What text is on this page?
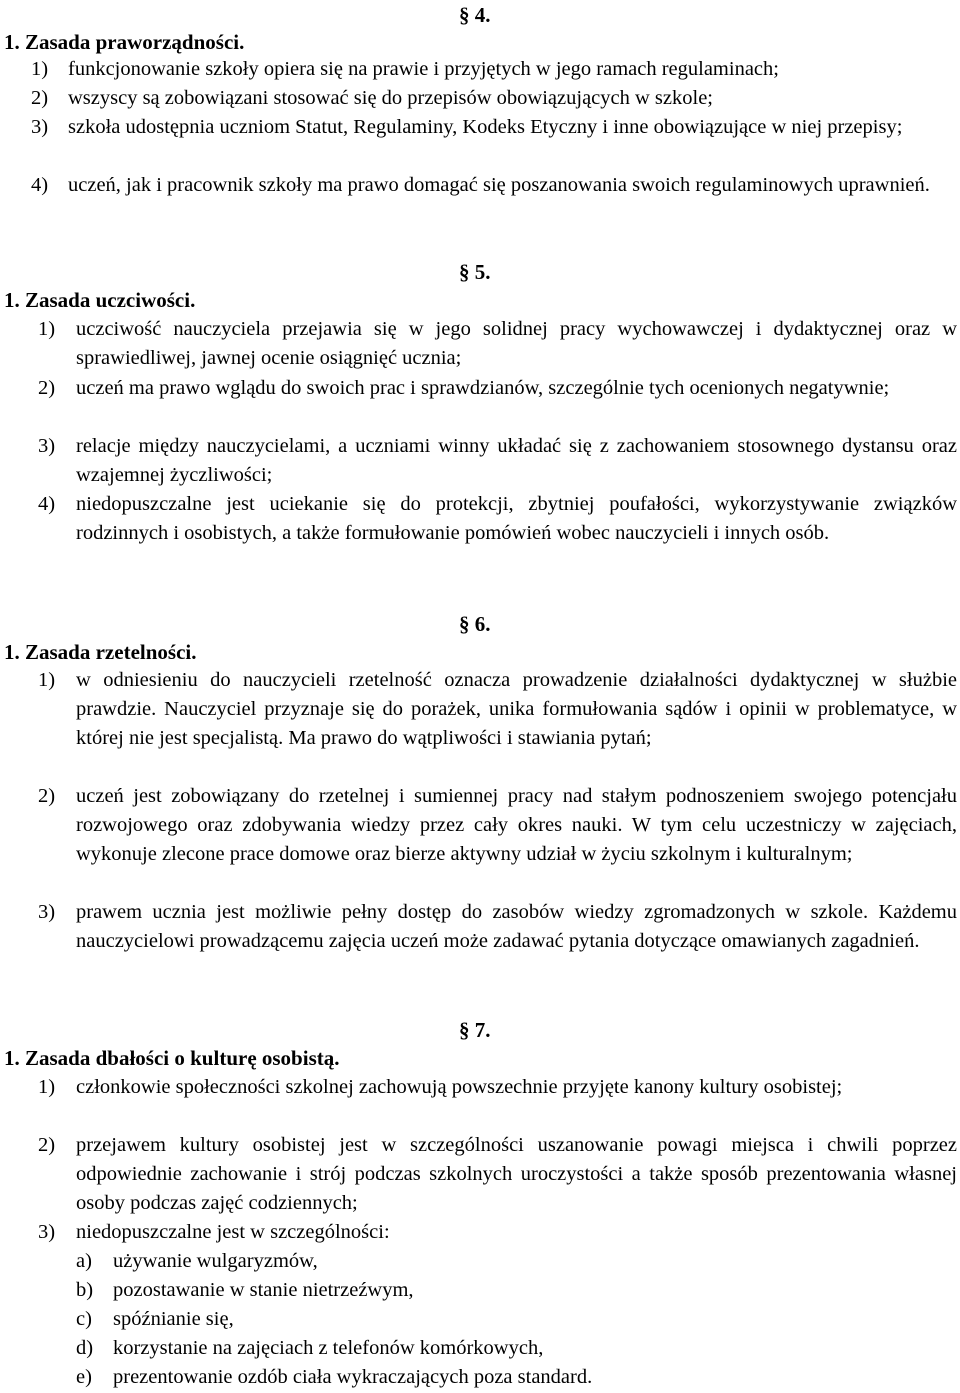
§ 4.
1. Zasada praworządności.
1) funkcjonowanie szkoły opiera się na prawie i przyjętych w jego ramach regulaminach;
2) wszyscy są zobowiązani stosować się do przepisów obowiązujących w szkole;
3) szkoła udostępnia uczniom Statut, Regulaminy, Kodeks Etyczny i inne obowiązujące w niej przepisy;
4) uczeń, jak i pracownik szkoły ma prawo domagać się poszanowania swoich regulaminowych uprawnień.
§ 5.
1. Zasada uczciwości.
1) uczciwość nauczyciela przejawia się w jego solidnej pracy wychowawczej i dydaktycznej oraz w sprawiedliwej, jawnej ocenie osiągnięć ucznia;
2) uczeń ma prawo wglądu do swoich prac i sprawdzianów, szczególnie tych ocenionych negatywnie;
3) relacje między nauczycielami, a uczniami winny układać się z zachowaniem stosownego dystansu oraz wzajemnej życzliwości;
4) niedopuszczalne jest uciekanie się do protekcji, zbytniej poufałości, wykorzystywanie związków rodzinnych i osobistych, a także formułowanie pomówień wobec nauczycieli i innych osób.
§ 6.
1. Zasada rzetelności.
1) w odniesieniu do nauczycieli rzetelność oznacza prowadzenie działalności dydaktycznej w służbie prawdzie. Nauczyciel przyznaje się do porażek, unika formułowania sądów i opinii w problematyce, w której nie jest specjalistą. Ma prawo do wątpliwości i stawiania pytań;
2) uczeń jest zobowiązany do rzetelnej i sumiennej pracy nad stałym podnoszeniem swojego potencjału rozwojowego oraz zdobywania wiedzy przez cały okres nauki. W tym celu uczestniczy w zajęciach, wykonuje zlecone prace domowe oraz bierze aktywny udział w życiu szkolnym i kulturalnym;
3) prawem ucznia jest możliwie pełny dostęp do zasobów wiedzy zgromadzonych w szkole. Każdemu nauczycielowi prowadzącemu zajęcia uczeń może zadawać pytania dotyczące omawianych zagadnień.
§ 7.
1. Zasada dbałości o kulturę osobistą.
1) członkowie społeczności szkolnej zachowują powszechnie przyjęte kanony kultury osobistej;
2) przejawem kultury osobistej jest w szczególności uszanowanie powagi miejsca i chwili poprzez odpowiednie zachowanie i strój podczas szkolnych uroczystości a także sposób prezentowania własnej osoby podczas zajęć codziennych;
3) niedopuszczalne jest w szczególności:
a) używanie wulgaryzmów,
b) pozostawanie w stanie nietrzeźwym,
c) spóźnianie się,
d) korzystanie na zajęciach z telefonów komórkowych,
e) prezentowanie ozdób ciała wykraczających poza standard.
